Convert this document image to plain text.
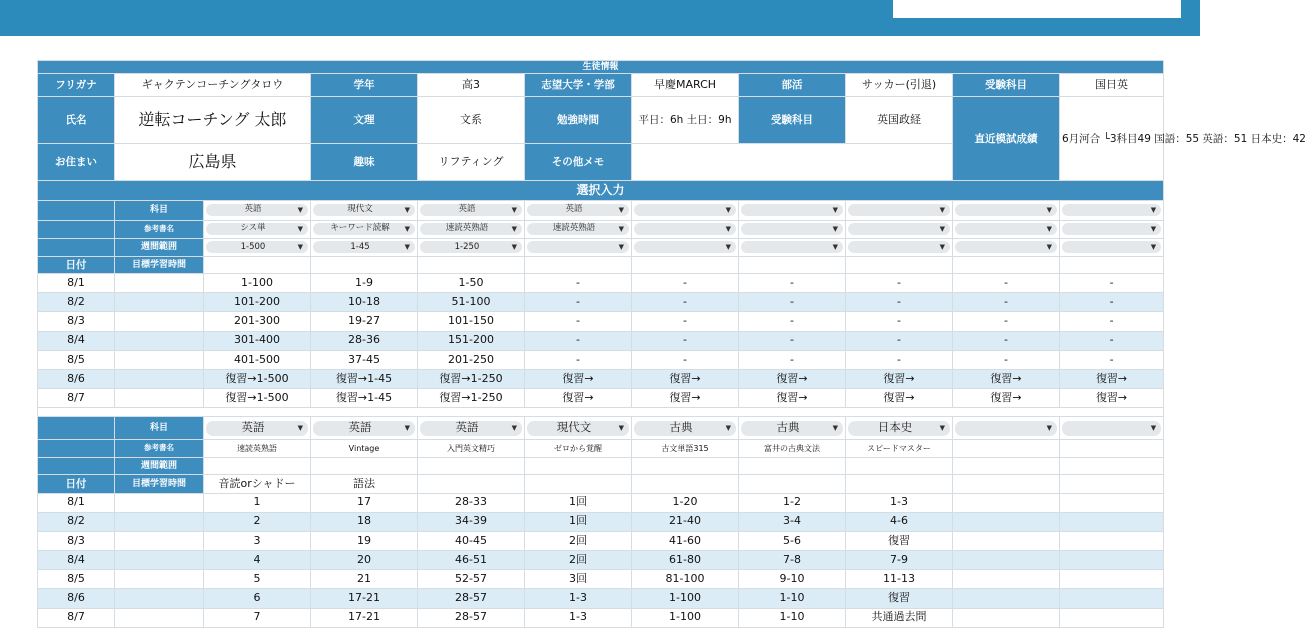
生徒情報										
フリガナ	ギャクテンコーチングタロウ		学年	高3	志望大学・学部	早慶MARCH	部活	サッカー(引退)	受験科目	国日英
氏名	逆転コーチング 太郎		文理	文系	勉強時間	平日：6h 土日：9h	受験科目	英国政経	直近模試成績	6月河合 └3科目49 国語：55 英語：51 日本史：42
お住まい	広島県		趣味	リフティング	その他メモ					
選択入力										
	科目	英語 ▼	現代文 ▼	英語 ▼	英語 ▼	▼	▼	▼	▼	▼

	参考書名	シス単 ▼	キーワード読解 ▼	速読英熟語 ▼	速読英熟語 ▼	▼	▼	▼	▼	▼

	週間範囲	1-500 ▼	1-45 ▼	1-250 ▼	▼	▼	▼	▼	▼	▼

日付	目標学習時間									
8/1		1-100	1-9	1-50	-	-	-	-	-	-
8/2		101-200	10-18	51-100	-	-	-	-	-	-
8/3		201-300	19-27	101-150	-	-	-	-	-	-
8/4		301-400	28-36	151-200	-	-	-	-	-	-
8/5		401-500	37-45	201-250	-	-	-	-	-	-
8/6		復習→1-500	復習→1-45	復習→1-250	復習→	復習→	復習→	復習→	復習→	復習→
8/7		復習→1-500	復習→1-45	復習→1-250	復習→	復習→	復習→	復習→	復習→	復習→

	科目	英語 ▼	英語 ▼	英語 ▼	現代文 ▼	古典 ▼	古典 ▼	日本史 ▼	▼	▼

	参考書名	速読英熟語	Vintage	入門英文精巧	ゼロから覚醒	古文単語315	富井の古典文法	スピードマスター		
	週間範囲									
日付	目標学習時間	音読orシャドー	語法							
8/1		1	17	28-33	1回	1-20	1-2	1-3		
8/2		2	18	34-39	1回	21-40	3-4	4-6		
8/3		3	19	40-45	2回	41-60	5-6	復習		
8/4		4	20	46-51	2回	61-80	7-8	7-9		
8/5		5	21	52-57	3回	81-100	9-10	11-13		
8/6		6	17-21	28-57	1-3	1-100	1-10	復習		
8/7		7	17-21	28-57	1-3	1-100	1-10	共通過去問		
